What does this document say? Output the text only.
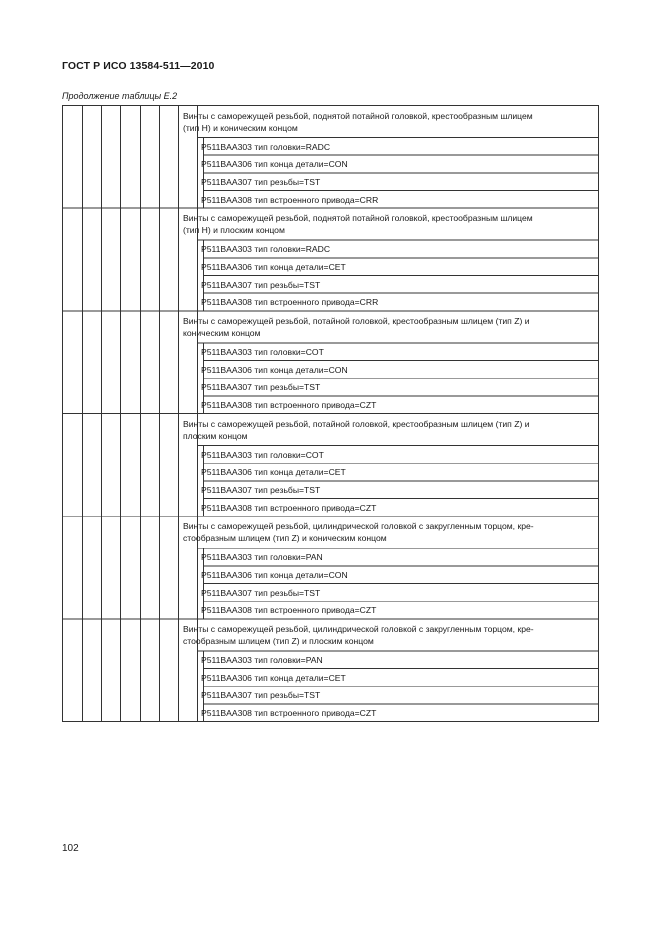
ГОСТ Р ИСО 13584-511—2010
Продолжение таблицы Е.2
Винты с саморежущей резьбой, поднятой потайной головкой, крестообразным шлицем
(тип H) и коническим концом
P511BAA303 тип головки=RADC
P511BAA306 тип конца детали=CON
P511BAA307 тип резьбы=TST
P511BAA308 тип встроенного привода=CRR
Винты с саморежущей резьбой, поднятой потайной головкой, крестообразным шлицем
(тип H) и плоским концом
P511BAA303 тип головки=RADC
P511BAA306 тип конца детали=CET
P511BAA307 тип резьбы=TST
P511BAA308 тип встроенного привода=CRR
Винты с саморежущей резьбой, потайной головкой, крестообразным шлицем (тип Z) и
коническим концом
P511BAA303 тип головки=COT
P511BAA306 тип конца детали=CON
P511BAA307 тип резьбы=TST
P511BAA308 тип встроенного привода=CZT
Винты с саморежущей резьбой, потайной головкой, крестообразным шлицем (тип Z) и
плоским концом
P511BAA303 тип головки=COT
P511BAA306 тип конца детали=CET
P511BAA307 тип резьбы=TST
P511BAA308 тип встроенного привода=CZT
Винты с саморежущей резьбой, цилиндрической головкой с закругленным торцом, кре-
стообразным шлицем (тип Z) и коническим концом
P511BAA303 тип головки=PAN
P511BAA306 тип конца детали=CON
P511BAA307 тип резьбы=TST
P511BAA308 тип встроенного привода=CZT
Винты с саморежущей резьбой, цилиндрической головкой с закругленным торцом, кре-
стообразным шлицем (тип Z) и плоским концом
P511BAA303 тип головки=PAN
P511BAA306 тип конца детали=CET
P511BAA307 тип резьбы=TST
P511BAA308 тип встроенного привода=CZT
102
